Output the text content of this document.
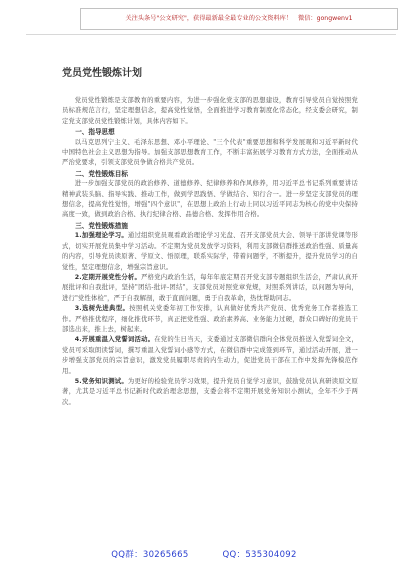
关注头条号"公文研究"，获得最新最全最专业的公文资料库！ 微信：gongwenv1
党员党性锻炼计划

党员党性锻炼是支部教育的重要内容，为进一步强化党支部的思想建设，教育引导党员自觉按照党员标准规范言行，坚定理想信念，提高党性觉悟，全面推进学习教育制度化常态化，经支委会研究，制定党支部党员党性锻炼计划，具体内容如下。

一、指导思想

以马克思列宁主义、毛泽东思想、邓小平理论、"三个代表"重要思想和科学发展观和习近平新时代中国特色社会主义思想为指导。加强支部思想教育工作，不断丰富拓展学习教育方式方法，全面推动从严治党要求，引领支部党员争做合格共产党员。

二、党性锻炼目标

进一步加强支部党员的政治修养、道德修养、纪律修养和作风修养，用习近平总书记系列重要讲话精神武装头脑、指导实践、推动工作，做到学思践悟、学做结合、知行合一。进一步坚定支部党员的理想信念，提高党性觉悟，增强"四个意识"，在思想上政治上行动上同以习近平同志为核心的党中央保持高度一致，做到政治合格、执行纪律合格、品德合格、发挥作用合格。

三、党性锻炼措施

1.加强理论学习。通过组织党员观看政治理论学习光盘、召开支部党员大会、领导干部讲党课等形式，切实开展党员集中学习活动。不定期为党员发放学习资料，利用支部微信群推送政治性强、质量高的内容，引导党员读原著、学原文、悟原理，联系实际学，带着问题学，不断提升，提升党员学习的自觉性，坚定理想信念，增强宗旨意识。

2.定期开展党性分析。严格党内政治生活，每年年底定期召开党支部专题组织生活会，严肃认真开展批评和自我批评，坚持"团结-批评-团结"，支部党员对照党章党规，对照系列讲话，以问题为导向，进行"党性体检"，严于自我解剖，敢于直面问题，勇于自我革命，热忱帮助同志。

3.选树先进典型。按照机关党委年初工作安排，认真做好优秀共产党员、优秀党务工作者推选工作。严格推优程序，细化推优环节，真正把党性强、政治素养高、业务能力过硬，群众口碑好的党员干部选出来，推上去，树起来。

4.开展重温入党誓词活动。在党的生日当天，支委通过支部微信群向全体党员推送入党誓词全文，党员可采取朗读誓词，撰写重温入党誓词小感等方式，在微信群中完成签到环节，通过活动开展，进一步增强支部党员的宗旨意识，激发党员履职尽责的内生动力，促进党员干部在工作中发挥先锋模范作用。

5.党务知识测试。为更好的检验党员学习效果，提升党员自觉学习意识，鼓励党员认真研读原文原著，尤其是习近平总书记新时代政治理念思想，支委会将不定期开展党务知识小测试，全年不少于两次。

QQ群：30265665	QQ：535304092
